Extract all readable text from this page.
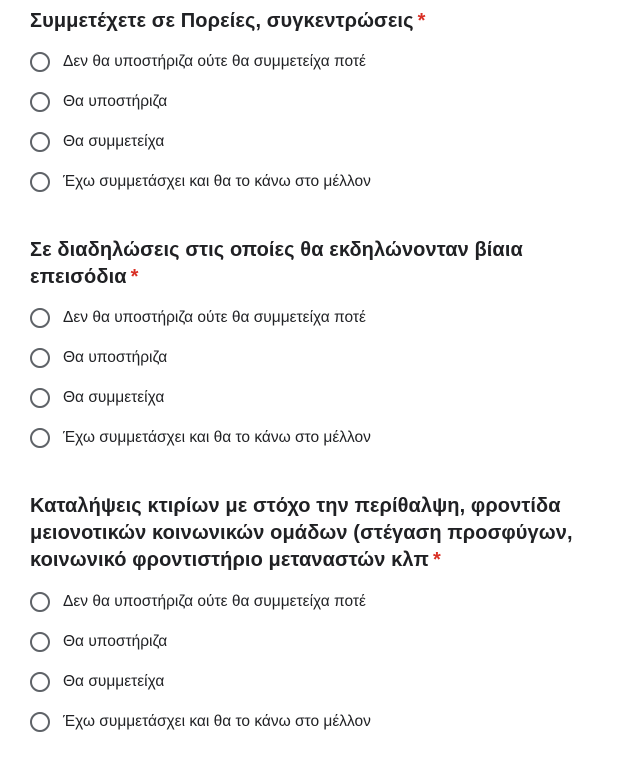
Συμμετέχετε σε Πορείες, συγκεντρώσεις *
Δεν θα υποστήριζα ούτε θα συμμετείχα ποτέ
Θα υποστήριζα
Θα συμμετείχα
Έχω συμμετάσχει και θα το κάνω στο μέλλον
Σε διαδηλώσεις στις οποίες θα εκδηλώνονταν βίαια επεισόδια *
Δεν θα υποστήριζα ούτε θα συμμετείχα ποτέ
Θα υποστήριζα
Θα συμμετείχα
Έχω συμμετάσχει και θα το κάνω στο μέλλον
Καταλήψεις κτιρίων με στόχο την περίθαλψη, φροντίδα μειονοτικών κοινωνικών ομάδων (στέγαση προσφύγων, κοινωνικό φροντιστήριο μεταναστών κλπ *
Δεν θα υποστήριζα ούτε θα συμμετείχα ποτέ
Θα υποστήριζα
Θα συμμετείχα
Έχω συμμετάσχει και θα το κάνω στο μέλλον
